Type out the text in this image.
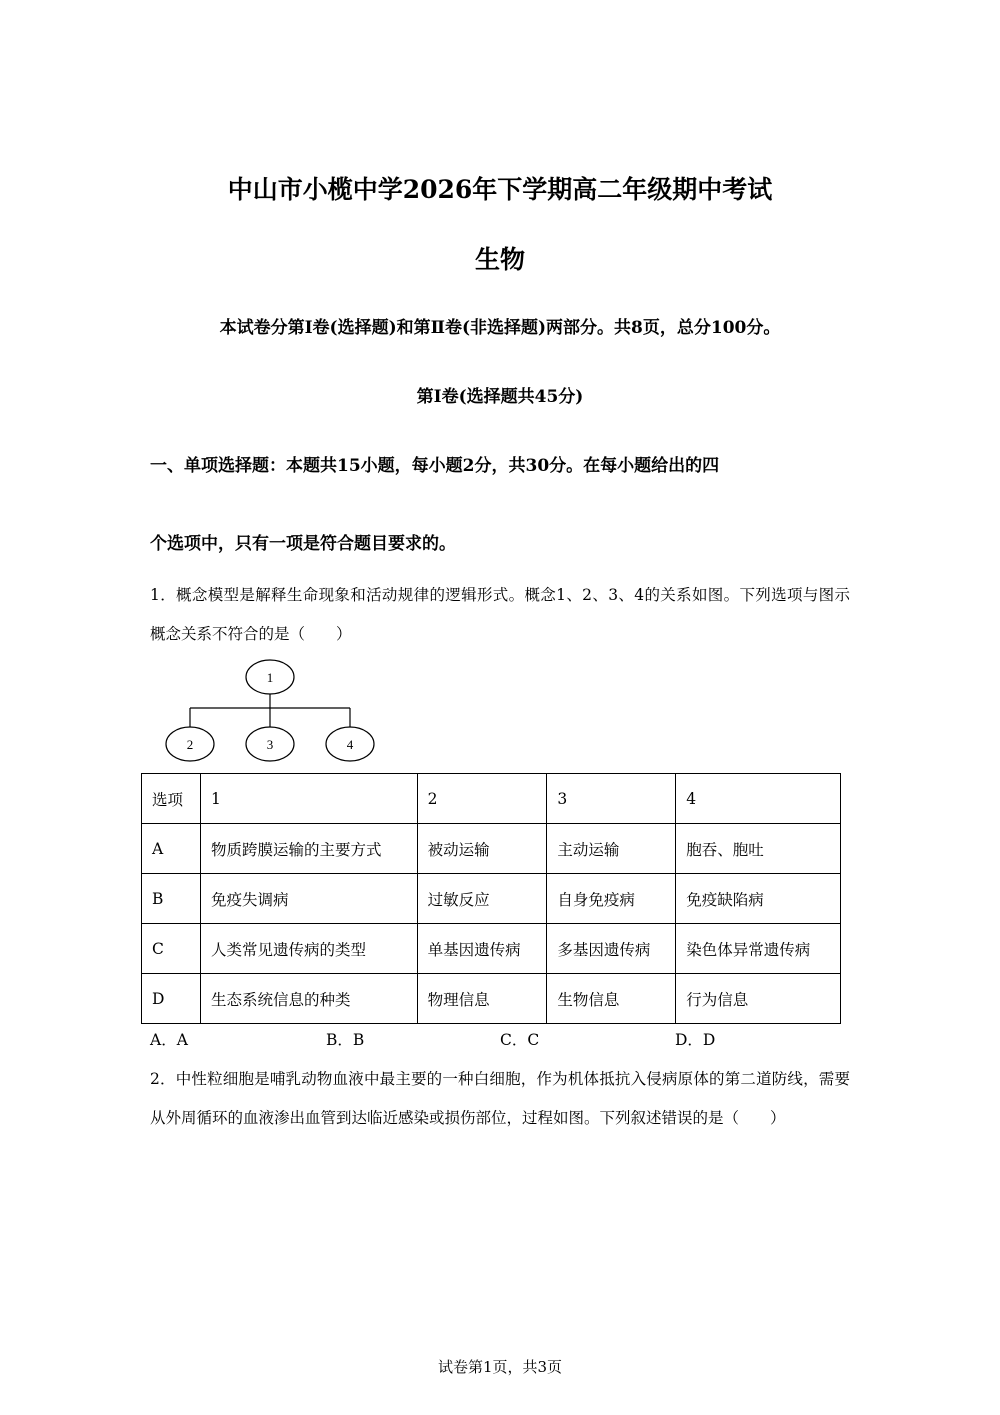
中山市小榄中学2026年下学期高二年级期中考试
生物
本试卷分第Ⅰ卷(选择题)和第Ⅱ卷(非选择题)两部分。共8页，总分100分。
第Ⅰ卷(选择题共45分)
一、单项选择题：本题共15小题，每小题2分，共30分。在每小题给出的四
个选项中，只有一项是符合题目要求的。
1．概念模型是解释生命现象和活动规律的逻辑形式。概念1、2、3、4的关系如图。下列选项与图示概念关系不符合的是（　　）
1
2	3	4
选项	1	2	3	4
A	物质跨膜运输的主要方式	被动运输	主动运输	胞吞、胞吐
B	免疫失调病	过敏反应	自身免疫病	免疫缺陷病
C	人类常见遗传病的类型	单基因遗传病	多基因遗传病	染色体异常遗传病
D	生态系统信息的种类	物理信息	生物信息	行为信息
A．A	B．B	C．C	D．D
2．中性粒细胞是哺乳动物血液中最主要的一种白细胞，作为机体抵抗入侵病原体的第二道防线，需要从外周循环的血液渗出血管到达临近感染或损伤部位，过程如图。下列叙述错误的是（　　）
试卷第1页，共3页
